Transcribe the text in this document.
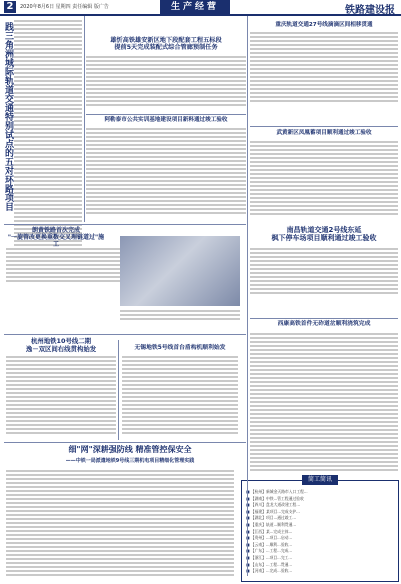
2	2020年8月6日 星期四 责任编辑 版广告	生产经营	铁路建设报
践三角洲城际轨道交通特别试点的五对环路项目	雄忻高铁雄安新区地下段配套工程五标段
提前5天完成装配式综合管廊预制任务
重庆轨道交通27号线滴滴区间相移贯通
阿勒泰市公共实训基地建设项目新料通过竣工验收
武黄新区凤凰蓄项目顺利通过竣工验收
朗黄铁路首次完成
"一旋管改更换重数交叉理链道过"施工
南昌轨道交通2号线东延
枫下停车场项目顺利通过竣工验收
杭州地铁10号线二期
逸－双区间右线贯构始发	无锡地铁5号线首台盾构机顺利始发
西康高铁首件无砟道岔顺利浇筑完成
细"网"深耕强防线 精准管控保安全
——中铁一局派遣地铁9号线三期机电项目精细化管理实践
简工简讯
■ 【杭州】新城金天路市入口工程...
■ 【湖南】中铁...管工程通过验收
■ 【四川】盘龙大道改建工程...
■ 【福建】某项目...完成支护...
■ 【湖北】项目...通过竣工...
■ 【重庆】轨道...顺利贯通...
■ 【江西】某...完成主体...
■ 【贵州】...项目...启动...
■ 【云南】...顺利...验收...
■ 【广东】...工程...完成...
■ 【浙江】...项目...完工...
■ 【山东】...工程...贯通...
■ 【河南】...完成...验收...
